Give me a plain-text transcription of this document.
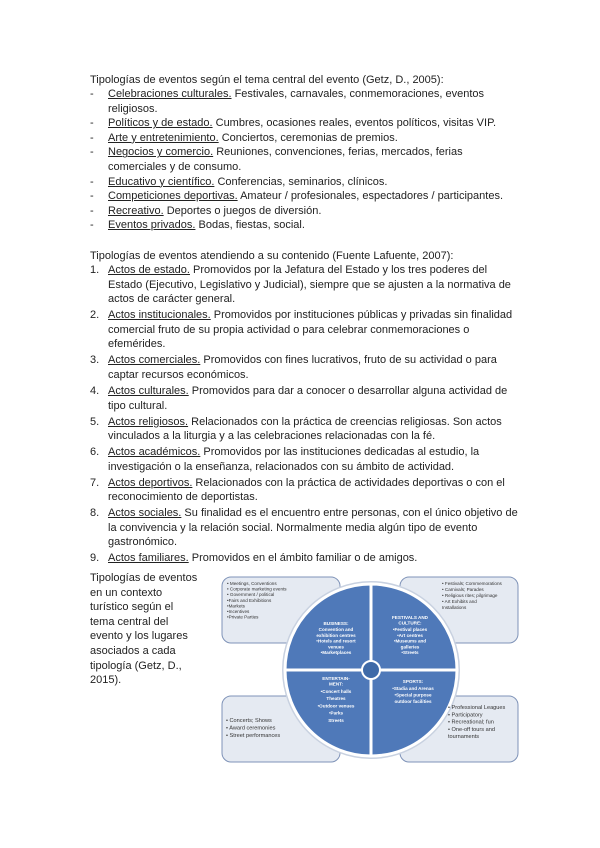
Tipologías de eventos según el tema central del evento (Getz, D., 2005):
- Celebraciones culturales. Festivales, carnavales, conmemoraciones, eventos religiosos.
- Políticos y de estado. Cumbres, ocasiones reales, eventos políticos, visitas VIP.
- Arte y entretenimiento. Conciertos, ceremonias de premios.
- Negocios y comercio. Reuniones, convenciones, ferias, mercados, ferias comerciales y de consumo.
- Educativo y científico. Conferencias, seminarios, clínicos.
- Competiciones deportivas. Amateur / profesionales, espectadores / participantes.
- Recreativo. Deportes o juegos de diversión.
- Eventos privados. Bodas, fiestas, social.
Tipologías de eventos atendiendo a su contenido (Fuente Lafuente, 2007):
1. Actos de estado. Promovidos por la Jefatura del Estado y los tres poderes del Estado (Ejecutivo, Legislativo y Judicial), siempre que se ajusten a la normativa de actos de carácter general.
2. Actos institucionales. Promovidos por instituciones públicas y privadas sin finalidad comercial fruto de su propia actividad o para celebrar conmemoraciones o efemérides.
3. Actos comerciales. Promovidos con fines lucrativos, fruto de su actividad o para captar recursos económicos.
4. Actos culturales. Promovidos para dar a conocer o desarrollar alguna actividad de tipo cultural.
5. Actos religiosos. Relacionados con la práctica de creencias religiosas. Son actos vinculados a la liturgia y a las celebraciones relacionadas con la fé.
6. Actos académicos. Promovidos por las instituciones dedicadas al estudio, la investigación o la enseñanza, relacionados con su ámbito de actividad.
7. Actos deportivos. Relacionados con la práctica de actividades deportivas o con el reconocimiento de deportistas.
8. Actos sociales. Su finalidad es el encuentro entre personas, con el único objetivo de la convivencia y la relación social. Normalmente media algún tipo de evento gastronómico.
9. Actos familiares. Promovidos en el ámbito familiar o de amigos.
Tipologías de eventos en un contexto turístico según el tema central del evento y los lugares asociados a cada tipología (Getz, D., 2015).
• Meetings, Conventions
• Corporate marketing events
• Government / political
•Fairs and Exhibitions
•Markets
•Incentives
•Private Parties
• Festivals; Commemorations
• Carnivals; Parades
• Religious rites; pilgrimage
• Art Exhibits and
Installations
• Concerts; Shows
• Award ceremonies
• Street performances
• Professional Leagues
• Participatory
• Recreational; fun
• One-off tours and
tournaments
BUSINESS:
Convention and
exhibition centres
•Hotels and resort
venues
•Marketplaces
FESTIVALS AND
CULTURE:
•Festival places
•Art centres
•Museums and
galleries
•Streets
ENTERTAIN-
MENT:
•Concert halls
Theatres
•Outdoor venues
•Parks
Streets
SPORTS:
•Stadia and Arenas
•Special purpose
outdoor facilities
